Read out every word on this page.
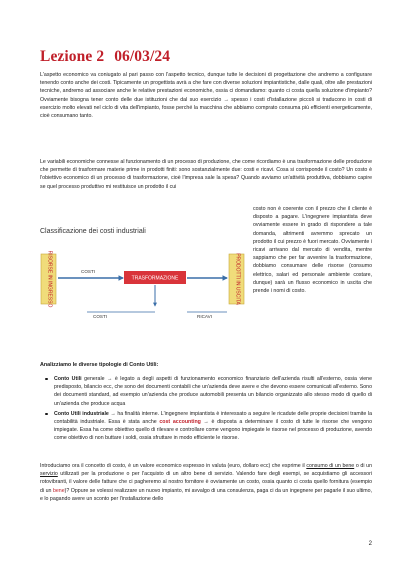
Lezione 2 06/03/24
L'aspetto economico va coniugato al pari passo con l'aspetto tecnico, dunque tutte le decisioni di progettazione che andremo a configurare tenendo conto anche dei costi. Tipicamente un progettista avrà a che fare con diverse soluzioni impiantistiche, dalle quali, oltre alle prestazioni tecniche, andremo ad associare anche le relative prestazioni economiche, ossia ci domandiamo: quanto ci costa quella soluzione d'impianto? Ovviamente bisogna tener conto delle due istituzioni che dal suo esercizio → spesso i costi d'istallazione piccoli si traducono in costi di esercizio molto elevati nel ciclo di vita dell'impianto, fosse perché la macchina che abbiamo comprato consuma più efficienti energeticamente, cioè consumano tanto.
Le variabili economiche connesse al funzionamento di un processo di produzione, che come ricordiamo è una trasformazione delle produzione che permette di trasformare materie prime in prodotti finiti: sono sostanzialmente due: costi e ricavi. Cosa si corrisponde il costo? Un costo è l'obiettivo economico di un processo di trasformazione, cioè l'impresa sale la spesa? Quando avviamo un'attività produttiva, dobbiamo capire se quel processo produttivo mi restituisce un prodotto il cui
costo non è coerente con il prezzo che il cliente è disposto a pagare. L'ingegnere impiantista deve ovviamente essere in grado di rispondere a tale domanda, altrimenti avremmo sprecato un prodotto il cui prezzo è fuori mercato. Ovviamente i ricavi arrivano dal mercato di vendita, mentre sappiamo che per far avvenire la trasformazione, dobbiamo consumare delle risorse (consumo elettrico, salari ed personale ambiente costare, dunque) sarà un flusso economico in uscita che prende i nomi di costo.
Classificazione dei costi industriali
RISORSE IN INGRESSO	PRODOTTI IN USCITA
COSTI
TRASFORMAZIONE
COSTI	RICAVI
Analizziamo le diverse tipologie di Conto Utili:
Conto Utili generale → è legato a degli aspetti di funzionamento economico finanziario dell'azienda risulti all'esterno, ossia viene predisposto, bilancio ecc, che sono dei documenti contabili che un'azienda deve avere e che devono essere comunicati all'esterno. Sono dei documenti standard, ad esempio un'azienda che produce automobili presenta un bilancio organizzato allo stesso modo di quello di un'azienda che produce acqua
Conto Utili industriale → ha finalità interne. L'ingegnere impiantista è interessato a seguire le ricadute delle proprie decisioni tramite la contabilità industriale. Essa è stata anche cost accounting → è disposta a determinare il costo di tutte le risorse che vengono impiegate. Essa ha come obiettivo quello di rilevare e controllare come vengono impiegate le risorse nel processo di produzione, avendo come obiettivo di non buttare i soldi, ossia sfruttare in modo efficiente le risorse.
Introduciamo ora il concetto di costo, è un valore economico espresso in valuta (euro, dollaro ecc) che esprime il consumo di un bene o di un servizio utilizzati per la produzione o per l'acquisto di un altro bene di servizio. Valendo fare degli esempi, se acquistiamo gli accessori rotovibranti, il valore delle fatture che ci pagheremo al nostro fornitore è ovviamente un costo, ossia quanto ci costa quello fornitura (esempio di un bene)? Oppure se volessi realizzare un nuovo impianto, mi avvalgo di una consulenza, paga ci da un ingegnere per pagarle il suo ultimo, e lo pagando avere un sconto per l'installazione dello
2
